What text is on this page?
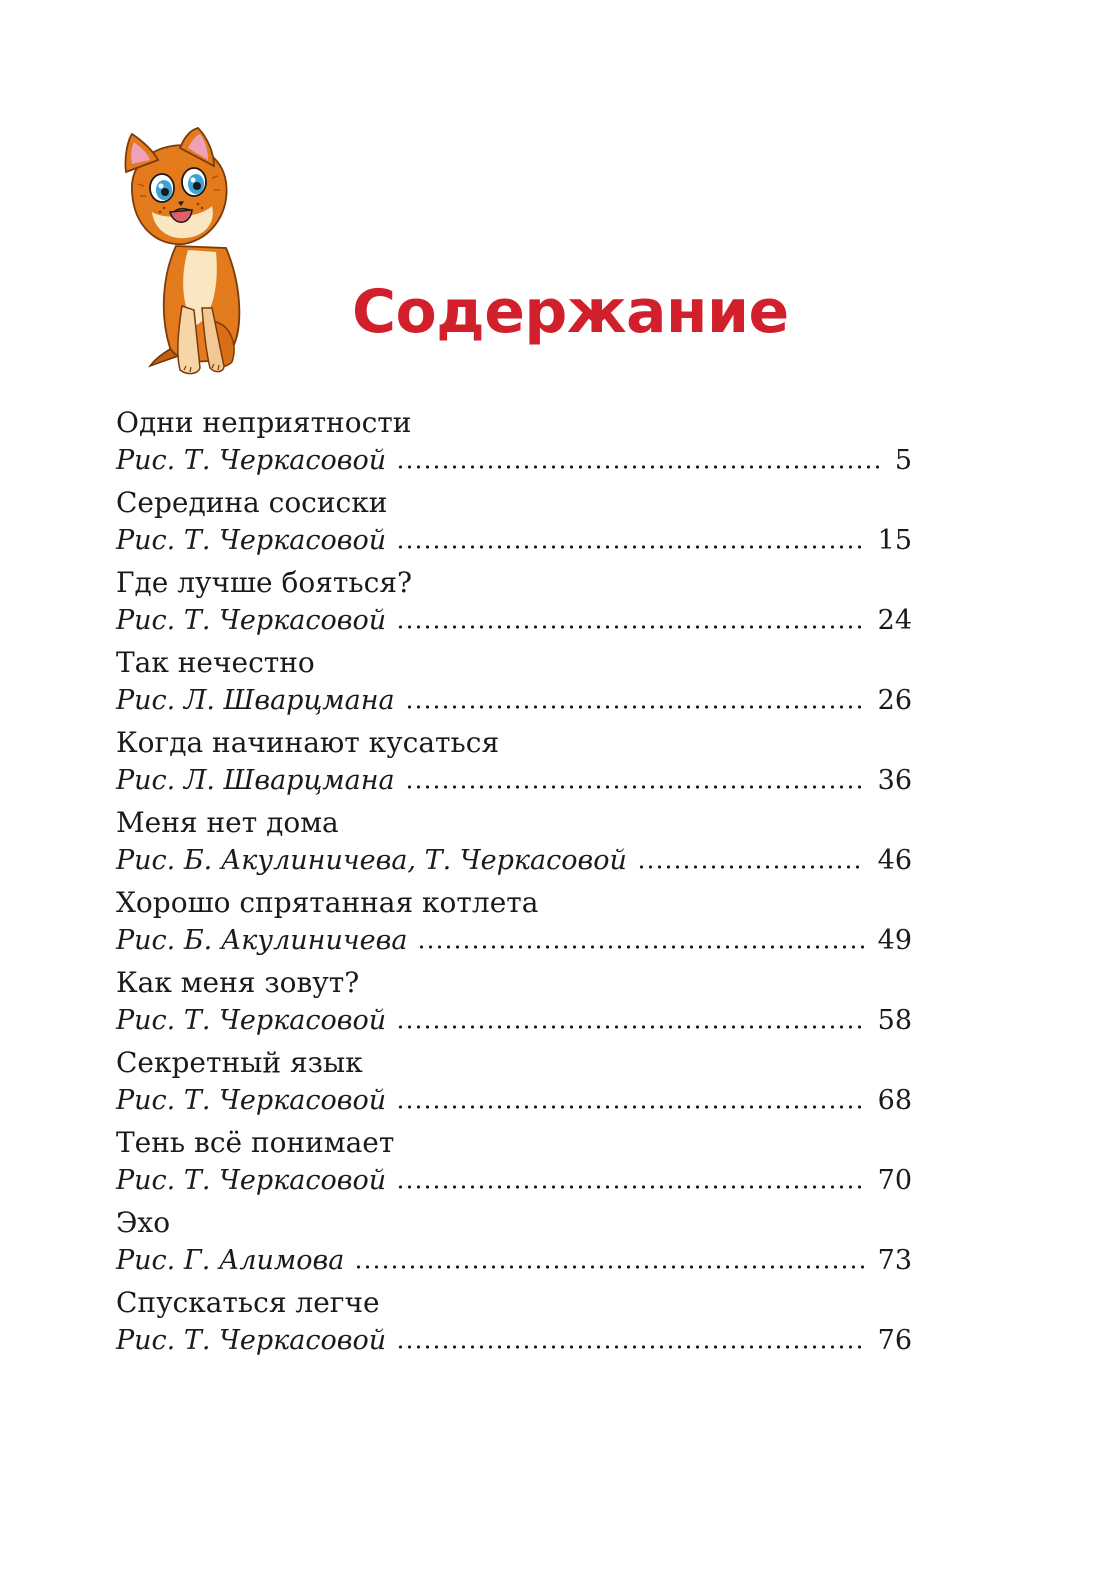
Содержание
Одни неприятности
Рис. Т. Черкасовой	5
Середина сосиски
Рис. Т. Черкасовой	15
Где лучше бояться?
Рис. Т. Черкасовой	24
Так нечестно
Рис. Л. Шварцмана	26
Когда начинают кусаться
Рис. Л. Шварцмана	36
Меня нет дома
Рис. Б. Акулиничева, Т. Черкасовой	46
Хорошо спрятанная котлета
Рис. Б. Акулиничева	49
Как меня зовут?
Рис. Т. Черкасовой	58
Секретный язык
Рис. Т. Черкасовой	68
Тень всё понимает
Рис. Т. Черкасовой	70
Эхо
Рис. Г. Алимова	73
Спускаться легче
Рис. Т. Черкасовой	76
